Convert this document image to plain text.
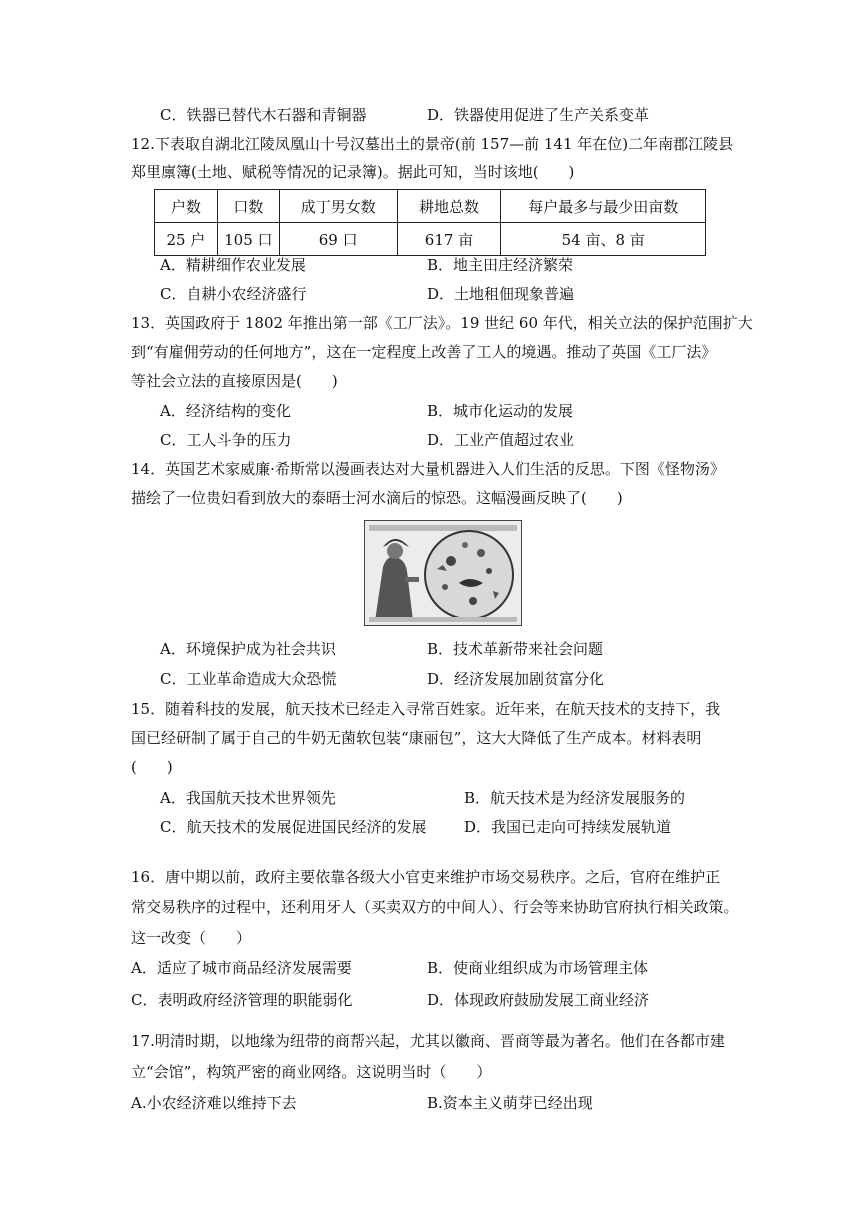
C．铁器已替代木石器和青铜器	D．铁器使用促进了生产关系变革
12.下表取自湖北江陵凤凰山十号汉墓出土的景帝(前 157—前 141 年在位)二年南郡江陵县
郑里廪簿(土地、赋税等情况的记录簿)。据此可知，当时该地(　　)
户数	口数	成丁男女数	耕地总数	每户最多与最少田亩数
25 户	105 口	69 口	617 亩	54 亩、8 亩
A．精耕细作农业发展	B．地主田庄经济繁荣
C．自耕小农经济盛行	D．土地租佃现象普遍
13．英国政府于 1802 年推出第一部《工厂法》。19 世纪 60 年代，相关立法的保护范围扩大
到“有雇佣劳动的任何地方”，这在一定程度上改善了工人的境遇。推动了英国《工厂法》
等社会立法的直接原因是(　　)
A．经济结构的变化	B．城市化运动的发展
C．工人斗争的压力	D．工业产值超过农业
14．英国艺术家威廉·希斯常以漫画表达对大量机器进入人们生活的反思。下图《怪物汤》
描绘了一位贵妇看到放大的泰晤士河水滴后的惊恐。这幅漫画反映了(　　)
A．环境保护成为社会共识	B．技术革新带来社会问题
C．工业革命造成大众恐慌	D．经济发展加剧贫富分化
15．随着科技的发展，航天技术已经走入寻常百姓家。近年来，在航天技术的支持下，我
国已经研制了属于自己的牛奶无菌软包装“康丽包”，这大大降低了生产成本。材料表明
(　　)
A．我国航天技术世界领先	B．航天技术是为经济发展服务的
C．航天技术的发展促进国民经济的发展	D．我国已走向可持续发展轨道
16．唐中期以前，政府主要依靠各级大小官吏来维护市场交易秩序。之后，官府在维护正
常交易秩序的过程中，还利用牙人（买卖双方的中间人）、行会等来协助官府执行相关政策。
这一改变（　　）
A．适应了城市商品经济发展需要	B．使商业组织成为市场管理主体
C．表明政府经济管理的职能弱化	D．体现政府鼓励发展工商业经济
17.明清时期，以地缘为纽带的商帮兴起，尤其以徽商、晋商等最为著名。他们在各都市建
立“会馆”，构筑严密的商业网络。这说明当时（　　）
A.小农经济难以维持下去	B.资本主义萌芽已经出现
